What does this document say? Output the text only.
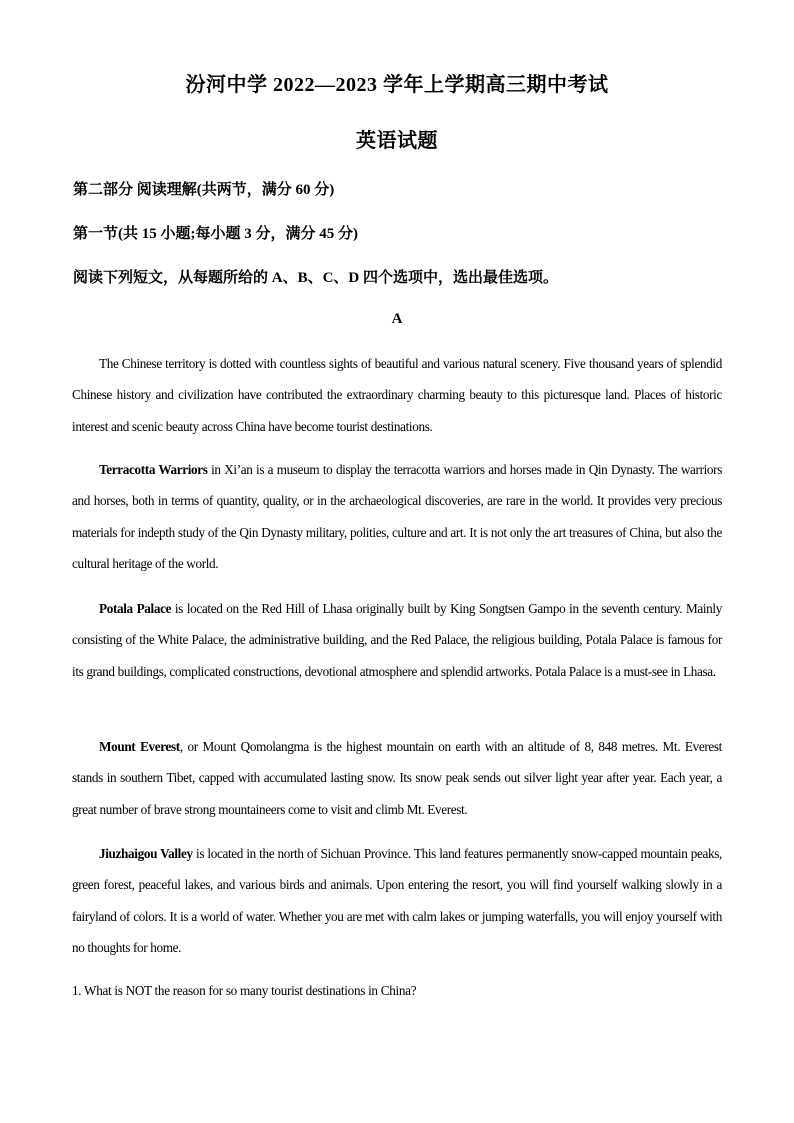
汾河中学 2022—2023 学年上学期高三期中考试
英语试题
第二部分 阅读理解(共两节，满分 60 分)
第一节(共 15 小题;每小题 3 分，满分 45 分)
阅读下列短文，从每题所给的 A、B、C、D 四个选项中，选出最佳选项。
A

The Chinese territory is dotted with countless sights of beautiful and various natural scenery. Five thousand years of splendid Chinese history and civilization have contributed the extraordinary charming beauty to this picturesque land. Places of historic interest and scenic beauty across China have become tourist destinations.

Terracotta Warriors in Xi’an is a museum to display the terracotta warriors and horses made in Qin Dynasty. The warriors and horses, both in terms of quantity, quality, or in the archaeological discoveries, are rare in the world. It provides very precious materials for indepth study of the Qin Dynasty military, polities, culture and art. It is not only the art treasures of China, but also the cultural heritage of the world.

Potala Palace is located on the Red Hill of Lhasa originally built by King Songtsen Gampo in the seventh century. Mainly consisting of the White Palace, the administrative building, and the Red Palace, the religious building, Potala Palace is famous for its grand buildings, complicated constructions, devotional atmosphere and splendid artworks. Potala Palace is a must-see in Lhasa.

Mount Everest, or Mount Qomolangma is the highest mountain on earth with an altitude of 8, 848 metres. Mt. Everest stands in southern Tibet, capped with accumulated lasting snow. Its snow peak sends out silver light year after year. Each year, a great number of brave strong mountaineers come to visit and climb Mt. Everest.

Jiuzhaigou Valley is located in the north of Sichuan Province. This land features permanently snow-capped mountain peaks, green forest, peaceful lakes, and various birds and animals. Upon entering the resort, you will find yourself walking slowly in a fairyland of colors. It is a world of water. Whether you are met with calm lakes or jumping waterfalls, you will enjoy yourself with no thoughts for home.

1. What is NOT the reason for so many tourist destinations in China?
